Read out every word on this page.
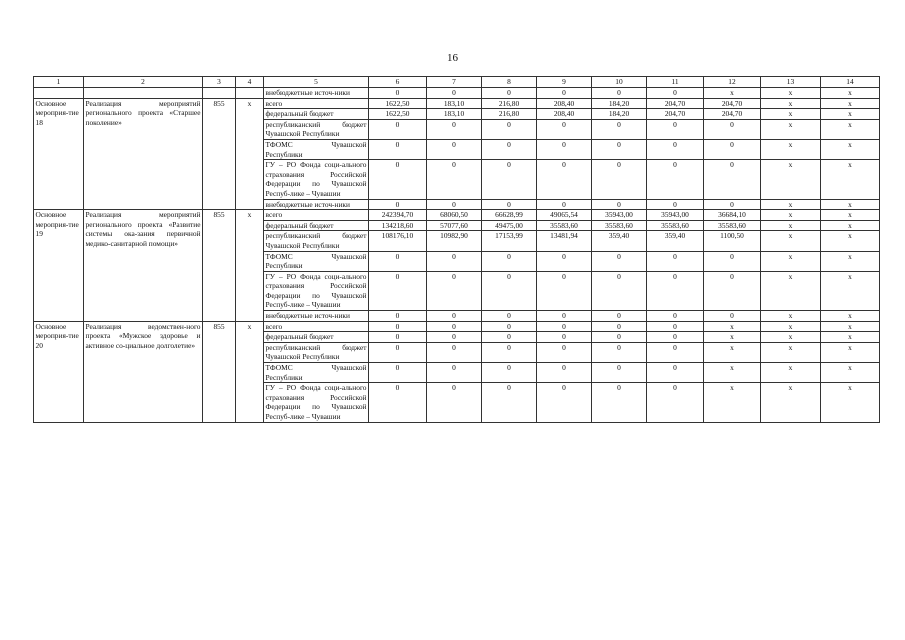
16
1	2	3	4	5	6	7	8	9	10	11	12	13	14
				внебюджетные источ-ники	0	0	0	0	0	0	x	x	x
Основное мероприя-тие 18	Реализация мероприятий регионального проекта «Старшее поколение»	855	x	всего	1622,50	183,10	216,80	208,40	184,20	204,70	204,70	x	x
				федеральный бюджет	1622,50	183,10	216,80	208,40	184,20	204,70	204,70	x	x
				республиканский бюджет Чувашской Республики	0	0	0	0	0	0	0	x	x
				ТФОМС Чувашской Республики	0	0	0	0	0	0	0	x	x
				ГУ – РО Фонда соци-ального страхования Российской Федерации по Чувашской Респуб-лике – Чувашии	0	0	0	0	0	0	0	x	x
				внебюджетные источ-ники	0	0	0	0	0	0	0	x	x
Основное мероприя-тие 19	Реализация мероприятий регионального проекта «Развитие системы ока-зания первичной медико-санитарной помощи»	855	x	всего	242394,70	68060,50	66628,99	49065,54	35943,00	35943,00	36684,10	x	x
				федеральный бюджет	134218,60	57077,60	49475,00	35583,60	35583,60	35583,60	35583,60	x	x
				республиканский бюджет Чувашской Республики	108176,10	10982,90	17153,99	13481,94	359,40	359,40	1100,50	x	x
				ТФОМС Чувашской Республики	0	0	0	0	0	0	0	x	x
				ГУ – РО Фонда соци-ального страхования Российской Федерации по Чувашской Респуб-лике – Чувашии	0	0	0	0	0	0	0	x	x
				внебюджетные источ-ники	0	0	0	0	0	0	0	x	x
Основное мероприя-тие 20	Реализация ведомствен-ного проекта «Мужское здоровье и активное со-циальное долголетие»	855	x	всего	0	0	0	0	0	0	x	x	x
				федеральный бюджет	0	0	0	0	0	0	x	x	x
				республиканский бюджет Чувашской Республики	0	0	0	0	0	0	x	x	x
				ТФОМС Чувашской Республики	0	0	0	0	0	0	x	x	x
				ГУ – РО Фонда соци-ального страхования Российской Федерации по Чувашской Респуб-лике – Чувашии	0	0	0	0	0	0	x	x	x
